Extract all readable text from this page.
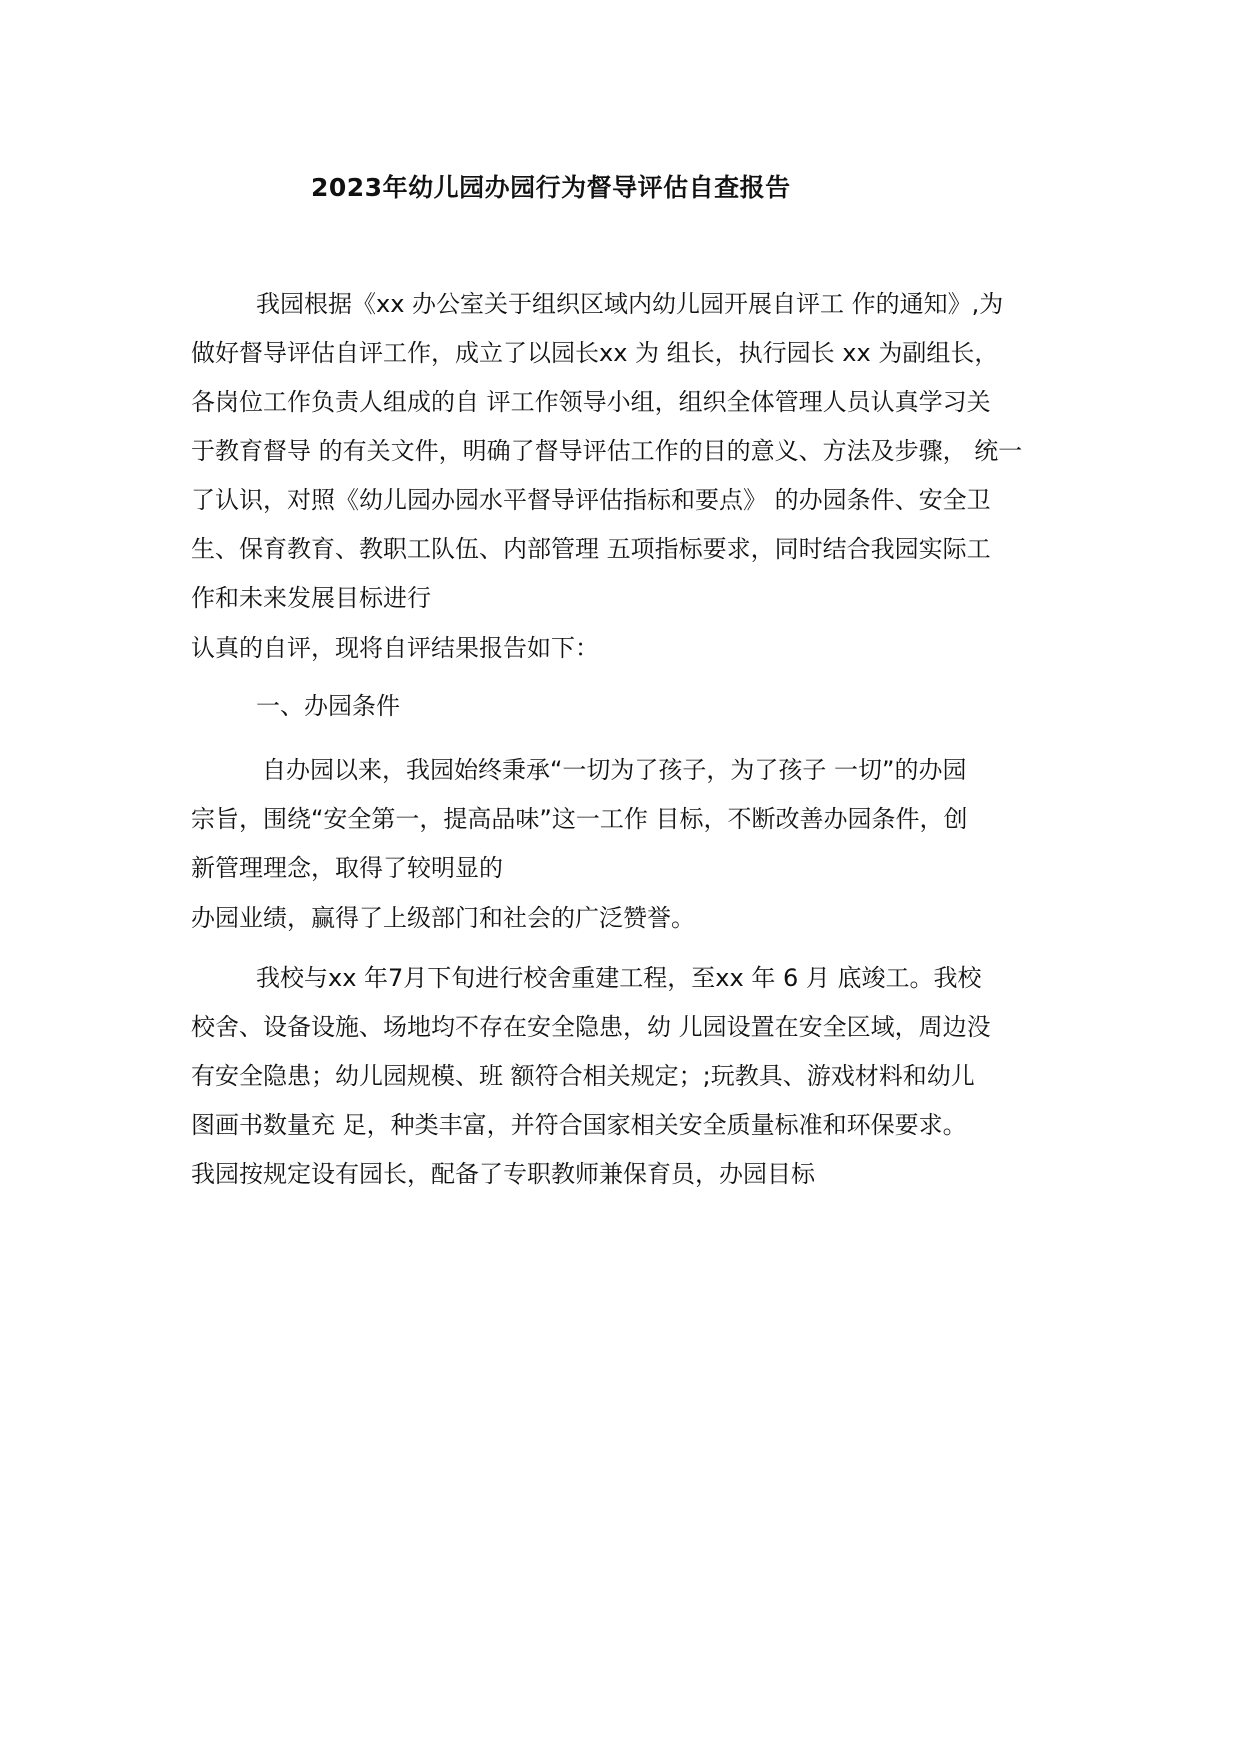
2023年幼儿园办园行为督导评估自查报告

我园根据《xx 办公室关于组织区域内幼儿园开展自评工 作的通知》,为

做好督导评估自评工作，成立了以园长xx 为 组长，执行园长 xx 为副组长，

各岗位工作负责人组成的自 评工作领导小组，组织全体管理人员认真学习关

于教育督导 的有关文件，明确了督导评估工作的目的意义、方法及步骤， 统一

了认识，对照《幼儿园办园水平督导评估指标和要点》 的办园条件、安全卫

生、保育教育、教职工队伍、内部管理 五项指标要求，同时结合我园实际工

作和未来发展目标进行

认真的自评，现将自评结果报告如下：

一、办园条件

自办园以来，我园始终秉承“一切为了孩子，为了孩子 一切”的办园

宗旨，围绕“安全第一，提高品味”这一工作 目标，不断改善办园条件，创

新管理理念，取得了较明显的

办园业绩，赢得了上级部门和社会的广泛赞誉。

我校与xx 年7月下旬进行校舍重建工程，至xx 年 6 月 底竣工。我校

校舍、设备设施、场地均不存在安全隐患，幼 儿园设置在安全区域，周边没

有安全隐患；幼儿园规模、班 额符合相关规定；;玩教具、游戏材料和幼儿

图画书数量充 足，种类丰富，并符合国家相关安全质量标准和环保要求。

我园按规定设有园长，配备了专职教师兼保育员，办园目标
